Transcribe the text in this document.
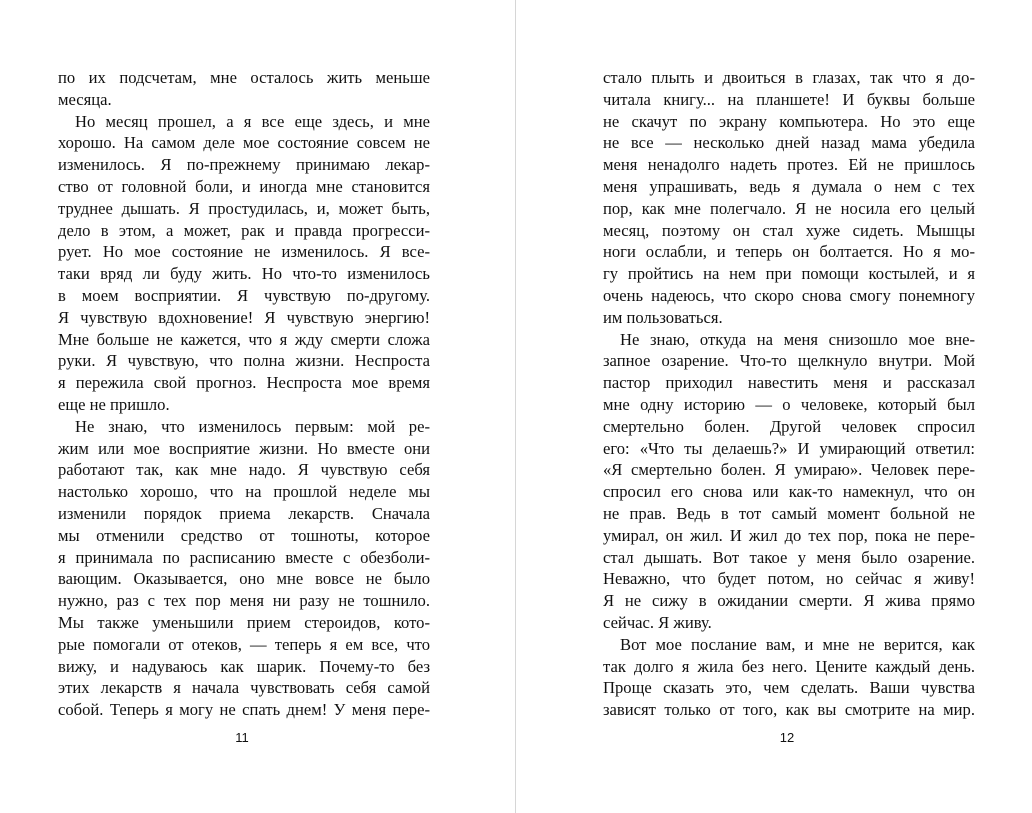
по их подсчетам, мне осталось жить меньше
месяца.
Но месяц прошел, а я все еще здесь, и мне
хорошо. На самом деле мое состояние совсем не
изменилось. Я по-прежнему принимаю лекар-
ство от головной боли, и иногда мне становится
труднее дышать. Я простудилась, и, может быть,
дело в этом, а может, рак и правда прогресси-
рует. Но мое состояние не изменилось. Я все-
таки вряд ли буду жить. Но что-то изменилось
в моем восприятии. Я чувствую по-другому.
Я чувствую вдохновение! Я чувствую энергию!
Мне больше не кажется, что я жду смерти сложа
руки. Я чувствую, что полна жизни. Неспроста
я пережила свой прогноз. Неспроста мое время
еще не пришло.
Не знаю, что изменилось первым: мой ре-
жим или мое восприятие жизни. Но вместе они
работают так, как мне надо. Я чувствую себя
настолько хорошо, что на прошлой неделе мы
изменили порядок приема лекарств. Сначала
мы отменили средство от тошноты, которое
я принимала по расписанию вместе с обезболи-
вающим. Оказывается, оно мне вовсе не было
нужно, раз с тех пор меня ни разу не тошнило.
Мы также уменьшили прием стероидов, кото-
рые помогали от отеков, — теперь я ем все, что
вижу, и надуваюсь как шарик. Почему-то без
этих лекарств я начала чувствовать себя самой
собой. Теперь я могу не спать днем! У меня пере-
11
стало плыть и двоиться в глазах, так что я до-
читала книгу... на планшете! И буквы больше
не скачут по экрану компьютера. Но это еще
не все — несколько дней назад мама убедила
меня ненадолго надеть протез. Ей не пришлось
меня упрашивать, ведь я думала о нем с тех
пор, как мне полегчало. Я не носила его целый
месяц, поэтому он стал хуже сидеть. Мышцы
ноги ослабли, и теперь он болтается. Но я мо-
гу пройтись на нем при помощи костылей, и я
очень надеюсь, что скоро снова смогу понемногу
им пользоваться.
Не знаю, откуда на меня снизошло мое вне-
запное озарение. Что-то щелкнуло внутри. Мой
пастор приходил навестить меня и рассказал
мне одну историю — о человеке, который был
смертельно болен. Другой человек спросил
его: «Что ты делаешь?» И умирающий ответил:
«Я смертельно болен. Я умираю». Человек пере-
спросил его снова или как-то намекнул, что он
не прав. Ведь в тот самый момент больной не
умирал, он жил. И жил до тех пор, пока не пере-
стал дышать. Вот такое у меня было озарение.
Неважно, что будет потом, но сейчас я живу!
Я не сижу в ожидании смерти. Я жива прямо
сейчас. Я живу.
Вот мое послание вам, и мне не верится, как
так долго я жила без него. Цените каждый день.
Проще сказать это, чем сделать. Ваши чувства
зависят только от того, как вы смотрите на мир.
12
